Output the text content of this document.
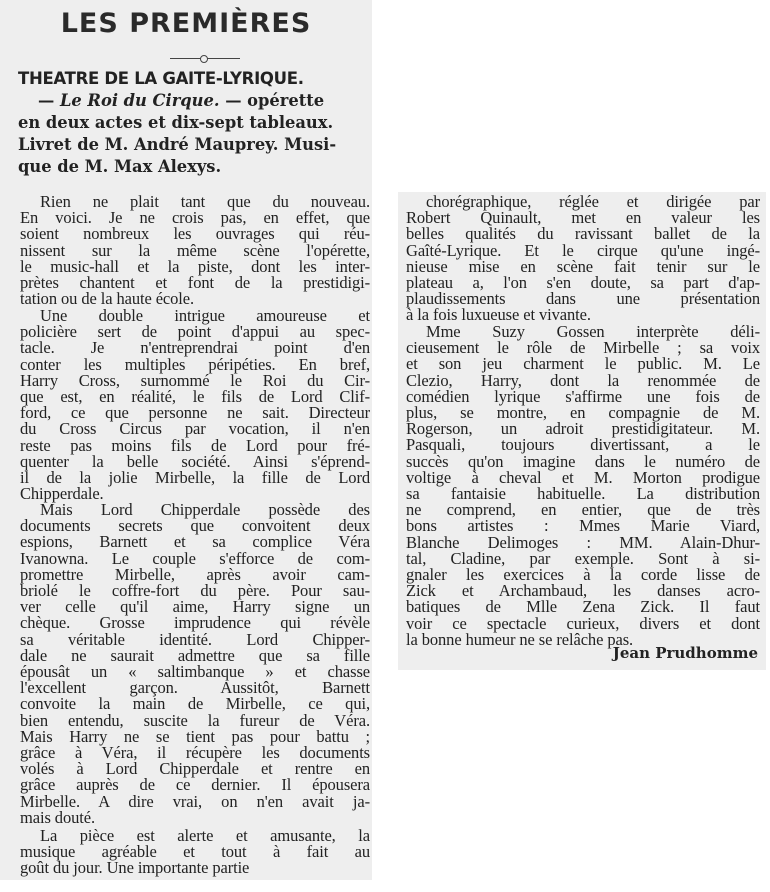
LES PREMIÈRES
THEATRE DE LA GAITE-LYRIQUE.
— Le Roi du Cirque. — opérette
en deux actes et dix-sept tableaux.
Livret de M. André Mauprey. Musi-
que de M. Max Alexys.
Rien ne plait tant que du nouveau.
En voici. Je ne crois pas, en effet, que
soient nombreux les ouvrages qui réu-
nissent sur la même scène l'opérette,
le music-hall et la piste, dont les inter-
prètes chantent et font de la prestidigi-
tation ou de la haute école.
Une double intrigue amoureuse et
policière sert de point d'appui au spec-
tacle. Je n'entreprendrai point d'en
conter les multiples péripéties. En bref,
Harry Cross, surnommé le Roi du Cir-
que est, en réalité, le fils de Lord Clif-
ford, ce que personne ne sait. Directeur
du Cross Circus par vocation, il n'en
reste pas moins fils de Lord pour fré-
quenter la belle société. Ainsi s'éprend-
il de la jolie Mirbelle, la fille de Lord
Chipperdale.
Mais Lord Chipperdale possède des
documents secrets que convoitent deux
espions, Barnett et sa complice Véra
Ivanowna. Le couple s'efforce de com-
promettre Mirbelle, après avoir cam-
briolé le coffre-fort du père. Pour sau-
ver celle qu'il aime, Harry signe un
chèque. Grosse imprudence qui révèle
sa véritable identité. Lord Chipper-
dale ne saurait admettre que sa fille
épousât un « saltimbanque » et chasse
l'excellent garçon. Aussitôt, Barnett
convoite la main de Mirbelle, ce qui,
bien entendu, suscite la fureur de Véra.
Mais Harry ne se tient pas pour battu ;
grâce à Véra, il récupère les documents
volés à Lord Chipperdale et rentre en
grâce auprès de ce dernier. Il épousera
Mirbelle. A dire vrai, on n'en avait ja-
mais douté.
La pièce est alerte et amusante, la
musique agréable et tout à fait au
goût du jour. Une importante partie
chorégraphique, réglée et dirigée par
Robert Quinault, met en valeur les
belles qualités du ravissant ballet de la
Gaîté-Lyrique. Et le cirque qu'une ingé-
nieuse mise en scène fait tenir sur le
plateau a, l'on s'en doute, sa part d'ap-
plaudissements dans une présentation
à la fois luxueuse et vivante.
Mme Suzy Gossen interprète déli-
cieusement le rôle de Mirbelle ; sa voix
et son jeu charment le public. M. Le
Clezio, Harry, dont la renommée de
comédien lyrique s'affirme une fois de
plus, se montre, en compagnie de M.
Rogerson, un adroit prestidigitateur. M.
Pasquali, toujours divertissant, a le
succès qu'on imagine dans le numéro de
voltige à cheval et M. Morton prodigue
sa fantaisie habituelle. La distribution
ne comprend, en entier, que de très
bons artistes : Mmes Marie Viard,
Blanche Delimoges : MM. Alain-Dhur-
tal, Cladine, par exemple. Sont à si-
gnaler les exercices à la corde lisse de
Zick et Archambaud, les danses acro-
batiques de Mlle Zena Zick. Il faut
voir ce spectacle curieux, divers et dont
la bonne humeur ne se relâche pas.
Jean Prudhomme
